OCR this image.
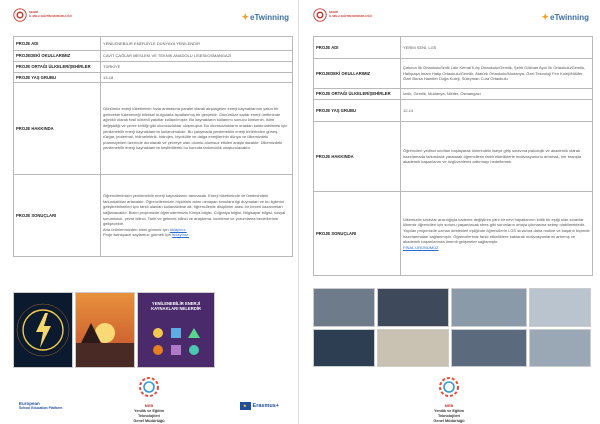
ŞEHRİ
İL MİLLİ EĞİTİM MÜDÜRLÜĞÜ	✦ eTwinning
PROJE ADI	YENİLENEBİLİR ENERJİYLE DÜNYAYA YENİLENDİR
PROJEDEKİ OKULLARIMIZ	CAVİT ÇAĞLAR MESLEKİ VE TEKNİK ANADOLU LİSESİ/OSMANGAZİ
PROJE ORTAĞI ÜLKELER/ŞEHİRLER	TÜRKİYE
PROJE YAŞ GRUBU	13-18
PROJE HAKKINDA	Günümüz enerji tüketiminin hızla artmasına paralel olarak alışılagelen enerji kaynaklarının yakın bir gelecekte tükeneceği bilimsel bulgularla ispatlanmış bir gerçektir. Günümüze kadar enerji üretiminde ağırlıklı olarak fosil kökenli yakıtlar kullanılmıştır. Bu kaynakların kullanımı sonucu kimsenin, iklim değişikliği ve çevre kirliliği gibi olumsuzluklar oluşmuştur. Bu olumsuzlukların ortadan kaldırılabilmesi için yenilenebilir enerji kaynaklarının kullanılmalıdır. Bu çalışmada yenilenebilir enerji türlerinden güneş, rüzgar, jeotermal, hidroelektrik, hidrojen, biyokütle ve dalga enerjilerinin dünya ve ülkemizdeki potansiyelleri üzerinde durulacak ve çevreye olan olumlu-olumsuz etkileri araştırılacaktır. Ülkemizdeki yenilenebilir enerji kaynaklarının keşfedilerek bu konuda farkındalık oluşturulacaktır.
PROJE SONUÇLARI	Öğrencilerimizin yenilenebilir enerji kaynaklarını tanınacak. Enerji tüketiminde ve üretimindeki farkındalıklar artacaktır. Öğrencilerimizin hiçbirinin adım olmayan konulara ilgi duymaları ve bu ilgilerini geliştirebilmeleri için farklı alanları kullanabilme ait, öğrencilerde disiplinler arası bir beceri kazanımları sağlanacaktır. Bizim projemizde öğrencilerimizin Kimya bilgisi, Coğrafya bilgisi, Bilgisayar bilgisi, sosyal sorumluluk, çevre bilinci, Tarih ve gelecek bilinci ve araştırma, inceleme ve yorumlama becerilerinin gelişecektir.
Ana ürünlerimizden birini görmek için tıklayınız.
Proje twinspace sayfamızı görmek için tıklayınız.
YENİLENEBİLİR ENERJİ KAYNAKLARI NELERDİR
European
School Education Platform	MEB
Yenilik ve Eğitim Teknolojileri
Genel Müdürlüğü
★
Erasmus+
ŞEHRİ
İL MİLLİ EĞİTİM MÜDÜRLÜĞÜ	✦ eTwinning
PROJE ADI	YERİM SENİ, LGS
PROJEDEKİ OKULLARIMIZ	Çakırca İlk Ortaokulu/İznik Lale Kemal Kılıç Ortaokulu/Gemlik, Şehit Gökhan Aydı İlk Ortaokulu/Gemlik, Hallıpaşa İmam Hatip Ortaokulu/Gemlik, Atatürk Ortaokulu/Mudanya, Özel Teknoloji Fen Koleji/Nilüfer, Özel Bursa Hamiter Doğa Koleji, Süleyman Cura Ortaokulu
PROJE ORTAĞI ÜLKELER/ŞEHİRLER	İznik, Gemlik, Mudanya, Nilüfer, Osmangazi
PROJE YAŞ GRUBU	12-14
PROJE HAKKINDA	Öğrencileri yedinci sınıftan başlayarak önlerindeki liseye giriş sınavına psikolojik ve akademik olarak hazırlamada farkındalık yaratarak öğrencilerin farklı etkinliklerle motivasyonunu artırmak, her branşta akademik başarılarını ve özgüvenlerini arttırmayı hedeflemek.
PROJE SONUÇLARI	Ülkemizde sınavlar aracılığıyla kademe değiştiren yani bir nevi hayatlarının kritik bir eşiği olan sınavlar ülkemiz öğrencileri için sorunu yaşanılacak stres gibi sorunların ortaya çıkmasına sebep olabilmektedir. Yapılan projemizde uzman destekleri eşliğinde öğrencilerin LGS sınavına daha motive ve başarılı biçimde hazırlanmaları sağlanmıştır. Öğrencilerimiz farklı etkinliklere katılarak motivasyonlarını artırmış ve akademik başarılarında önemli gelişmeler sağlamıştır.
FİNAL ÜRÜNÜMÜZ
MEB
Yenilik ve Eğitim Teknolojileri
Genel Müdürlüğü
